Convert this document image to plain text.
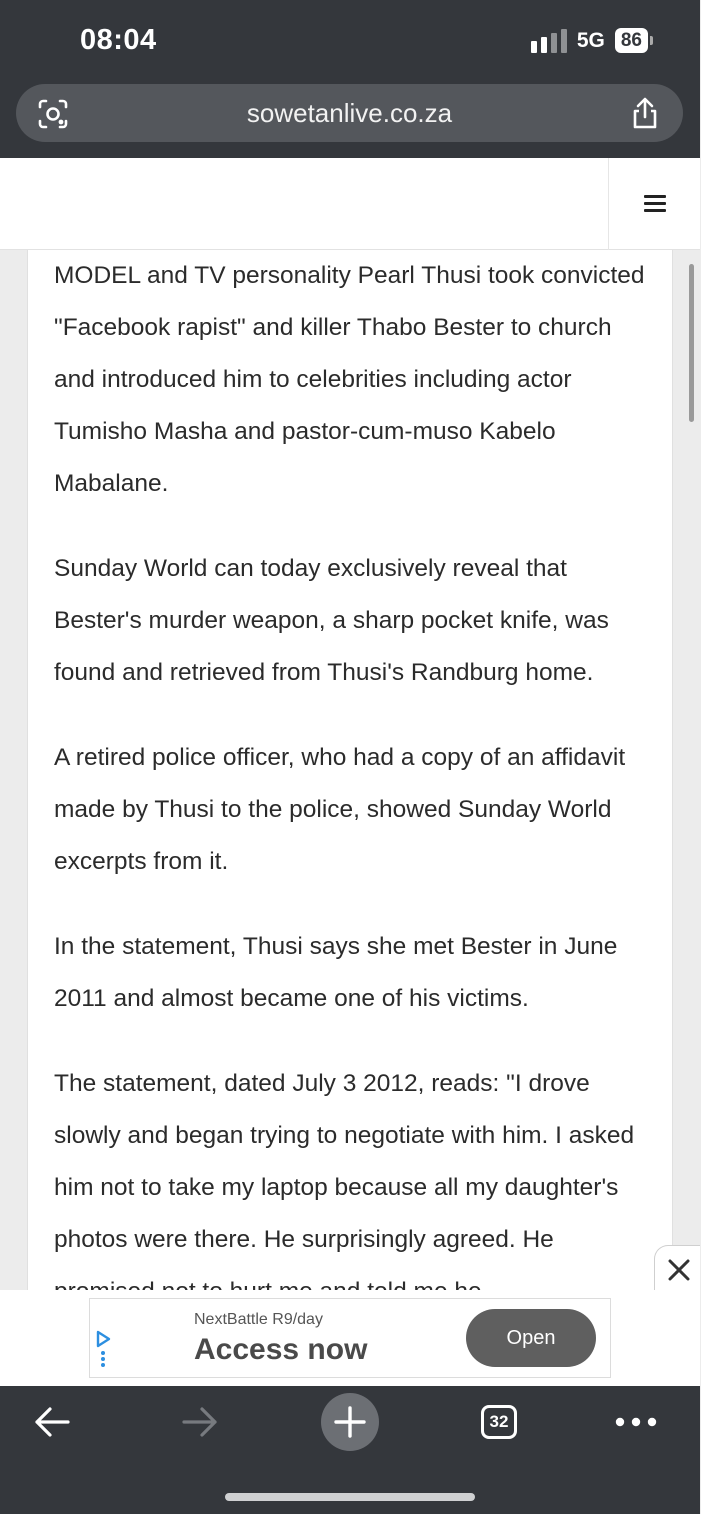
08:04	5G 86
sowetanlive.co.za

MODEL and TV personality Pearl Thusi took convicted "Facebook rapist" and killer Thabo Bester to church and introduced him to celebrities including actor Tumisho Masha and pastor-cum-muso Kabelo Mabalane.

Sunday World can today exclusively reveal that Bester's murder weapon, a sharp pocket knife, was found and retrieved from Thusi's Randburg home.

A retired police officer, who had a copy of an affidavit made by Thusi to the police, showed Sunday World excerpts from it.

In the statement, Thusi says she met Bester in June 2011 and almost became one of his victims.

The statement, dated July 3 2012, reads: "I drove slowly and began trying to negotiate with him. I asked him not to take my laptop because all my daughter's photos were there. He surprisingly agreed. He

NextBattle R9/day
Access now	Open
32
